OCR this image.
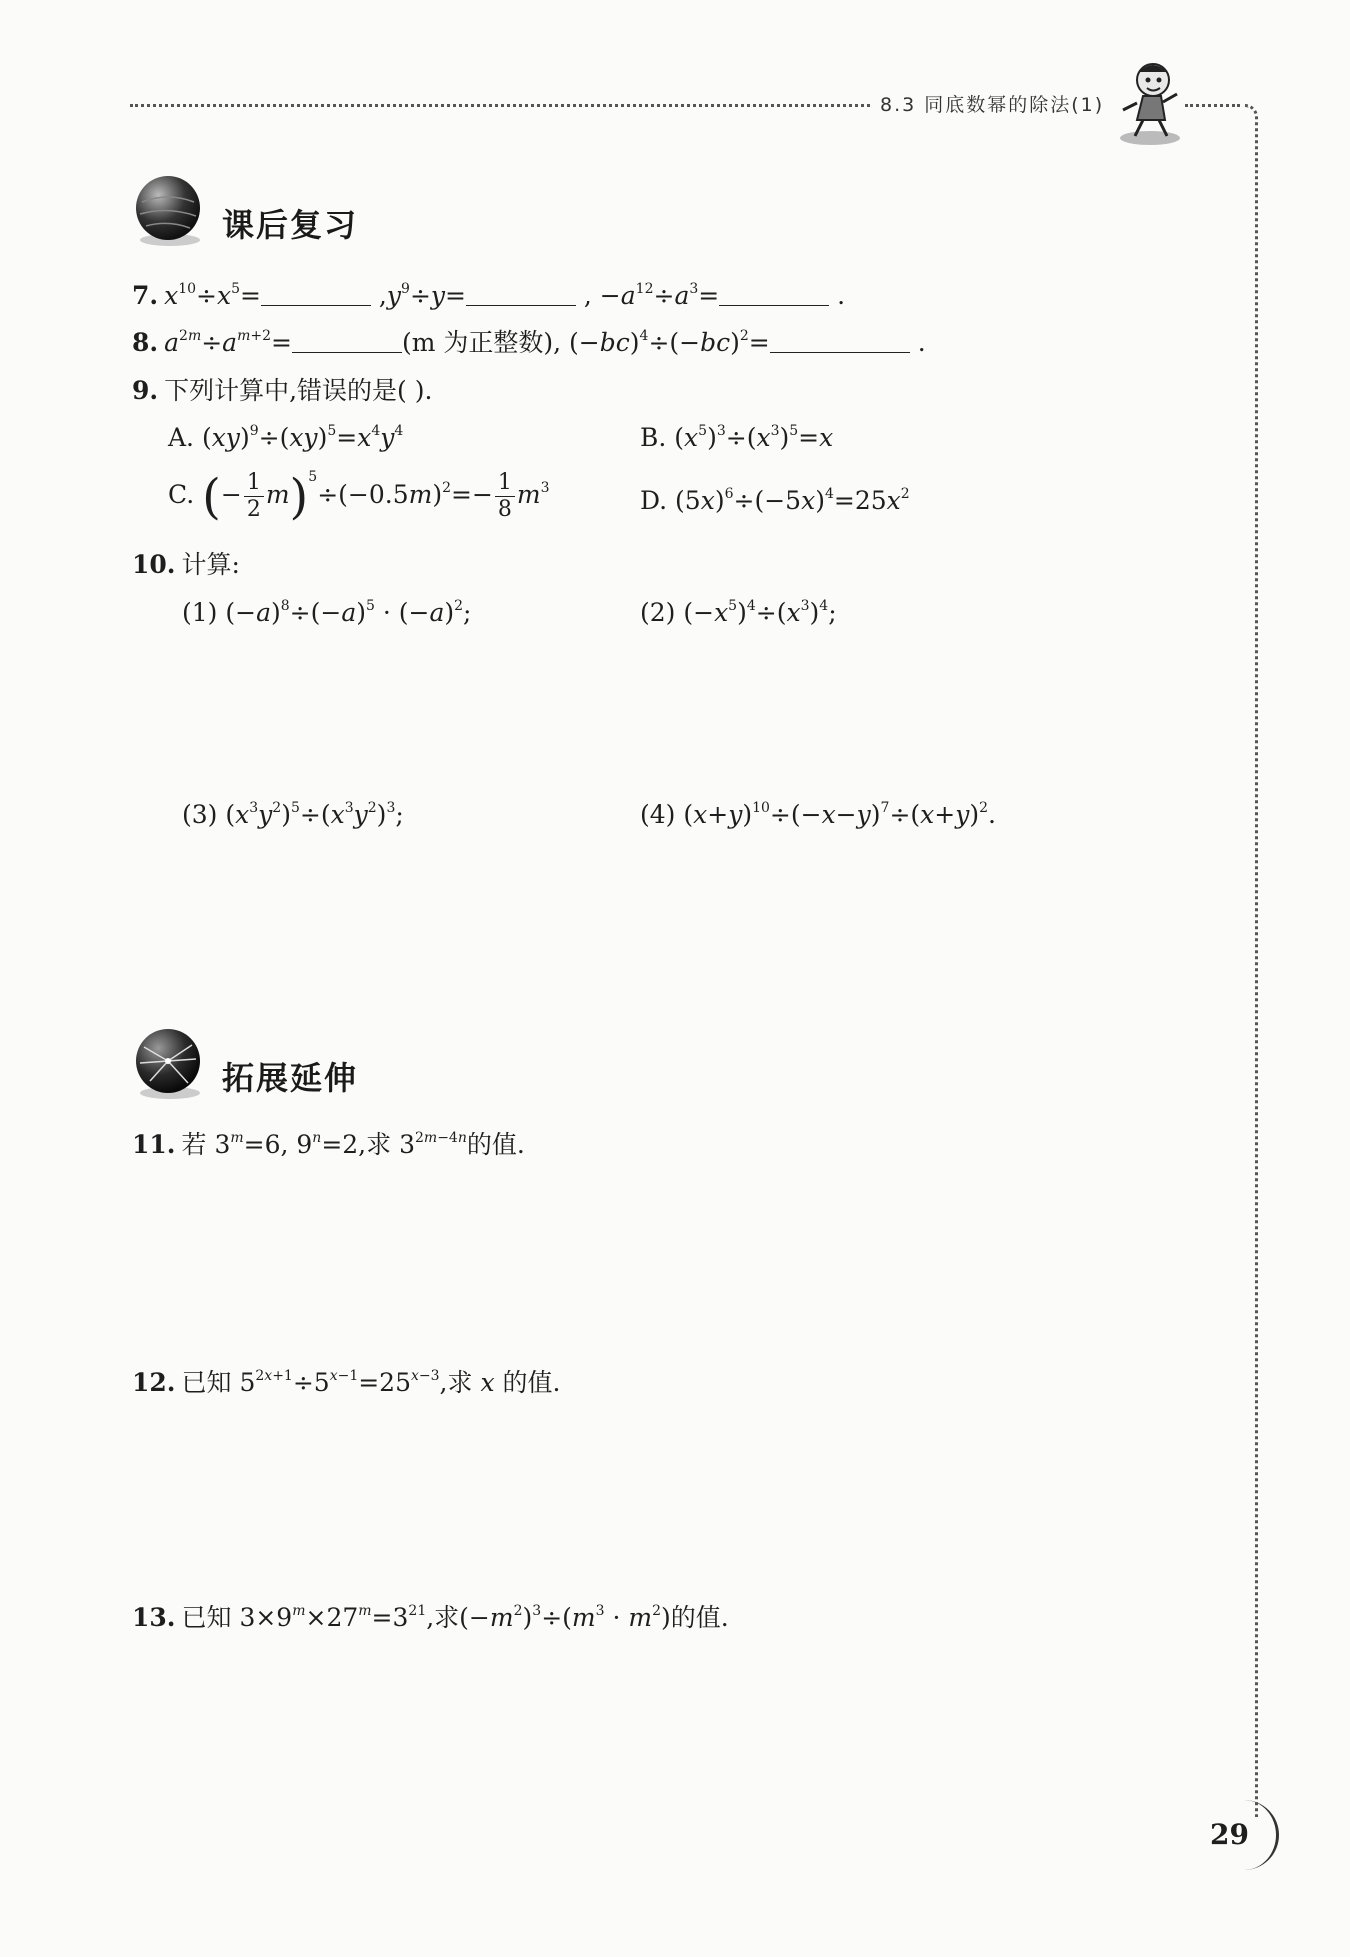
8.3 同底数幂的除法(1)
课后复习
7. $x^{10}\div x^5=$	$,y^9\div y=$	, $-a^{12}\div a^3=$	.
8. $a^{2m}\div a^{m+2}=$	(m 为正整数), $(-bc)^4\div(-bc)^2=$	.
9. 下列计算中,错误的是( ).
A. $(xy)^9\div(xy)^5=x^4y^4$	B. $(x^5)^3\div(x^3)^5=x$
C. (− $\frac{1}{2} m)^5\div(-0.5m)^2=- \frac{1}{8} m^3$	D. $(5x)^6\div(-5x)^4=25x^2$
10. 计算:
(1) $(-a)^8\div(-a)^5 \cdot (-a)^2$;	(2) $(-x^5)^4\div(x^3)^4$;
(3) $(x^3y^2)^5\div(x^3y^2)^3$;	(4) $(x+y)^{10}\div(-x-y)^7\div(x+y)^2$.
拓展延伸
11. 若 $3^m=6$, $9^n=2$,求 $3^{2m-4n}$的值.
12. 已知 $5^{2x+1}\div 5^{x-1}=25^{x-3}$,求 x 的值.
13. 已知 $3\times 9^m\times 27^m=3^{21}$,求$(-m^2)^3\div(m^3 \cdot m^2)$的值.
29
